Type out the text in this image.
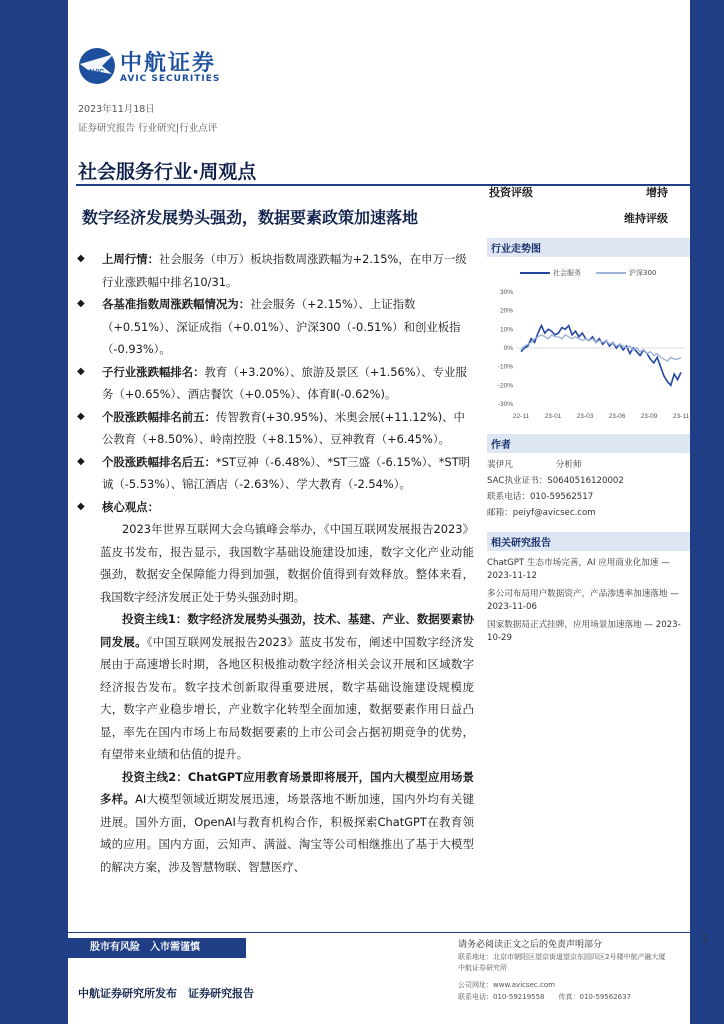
AVIC 中航证券
AVIC SECURITIES
2023年11月18日
证券研究报告 行业研究|行业点评
社会服务行业·周观点
数字经济发展势头强劲，数据要素政策加速落地
投资评级	增持
维持评级
◆ 上周行情：社会服务（申万）板块指数周涨跌幅为+2.15%，在申万一级行业涨跌幅中排名10/31。
◆ 各基准指数周涨跌幅情况为：社会服务（+2.15%）、上证指数（+0.51%）、深证成指（+0.01%）、沪深300（-0.51%）和创业板指（-0.93%）。
◆ 子行业涨跌幅排名：教育（+3.20%）、旅游及景区（+1.56%）、专业服务（+0.65%）、酒店餐饮（+0.05%）、体育Ⅱ(-0.62%)。
◆ 个股涨跌幅排名前五：传智教育(+30.95%)、米奥会展(+11.12%)、中公教育（+8.50%）、岭南控股（+8.15%）、豆神教育（+6.45%）。
◆ 个股涨跌幅排名后五：*ST豆神（-6.48%）、*ST三盛（-6.15%）、*ST明诚（-5.53%）、锦江酒店（-2.63%）、学大教育（-2.54%）。
◆ 核心观点：
2023年世界互联网大会乌镇峰会举办，《中国互联网发展报告2023》蓝皮书发布，报告显示，我国数字基础设施建设加速，数字文化产业动能强劲，数据安全保障能力得到加强，数据价值得到有效释放。整体来看，我国数字经济发展正处于势头强劲时期。
投资主线1：数字经济发展势头强劲，技术、基建、产业、数据要素协同发展。《中国互联网发展报告2023》蓝皮书发布，阐述中国数字经济发展由于高速增长时期，各地区积极推动数字经济相关会议开展和区域数字经济报告发布。数字技术创新取得重要进展，数字基础设施建设规模庞大，数字产业稳步增长，产业数字化转型全面加速，数据要素作用日益凸显，率先在国内市场上布局数据要素的上市公司会占据初期竞争的优势，有望带来业绩和估值的提升。
投资主线2：ChatGPT应用教育场景即将展开，国内大模型应用场景多样。AI大模型领域近期发展迅速，场景落地不断加速，国内外均有关键进展。国外方面，OpenAI与教育机构合作，积极探索ChatGPT在教育领域的应用。国内方面，云知声、满溢、淘宝等公司相继推出了基于大模型的解决方案，涉及智慧物联、智慧医疗、
行业走势图
社会服务	沪深300
30%
20%
10%
0%
-10%
-20%
-30%
22-11 23-01 23-03 23-06 23-09 23-11
作者
裴伊凡　　　　　分析师
SAC执业证书：S0640516120002
联系电话：010-59562517
邮箱：peiyf@avicsec.com
相关研究报告
ChatGPT 生态市场完善，AI 应用商业化加速 —2023-11-12
多公司布局用户数据资产，产品渗透率加速落地 —2023-11-06
国家数据局正式挂牌，应用场景加速落地 — 2023-10-29
股市有风险　入市需谨慎	请务必阅读正文之后的免责声明部分	1
联系地址：北京市朝阳区望京街道望京东园四区2号楼中航产融大厦
中航证券研究所
公司网址：www.avicsec.com
联系电话：010-59219558　　传真：010-59562637
中航证券研究所发布　证券研究报告
